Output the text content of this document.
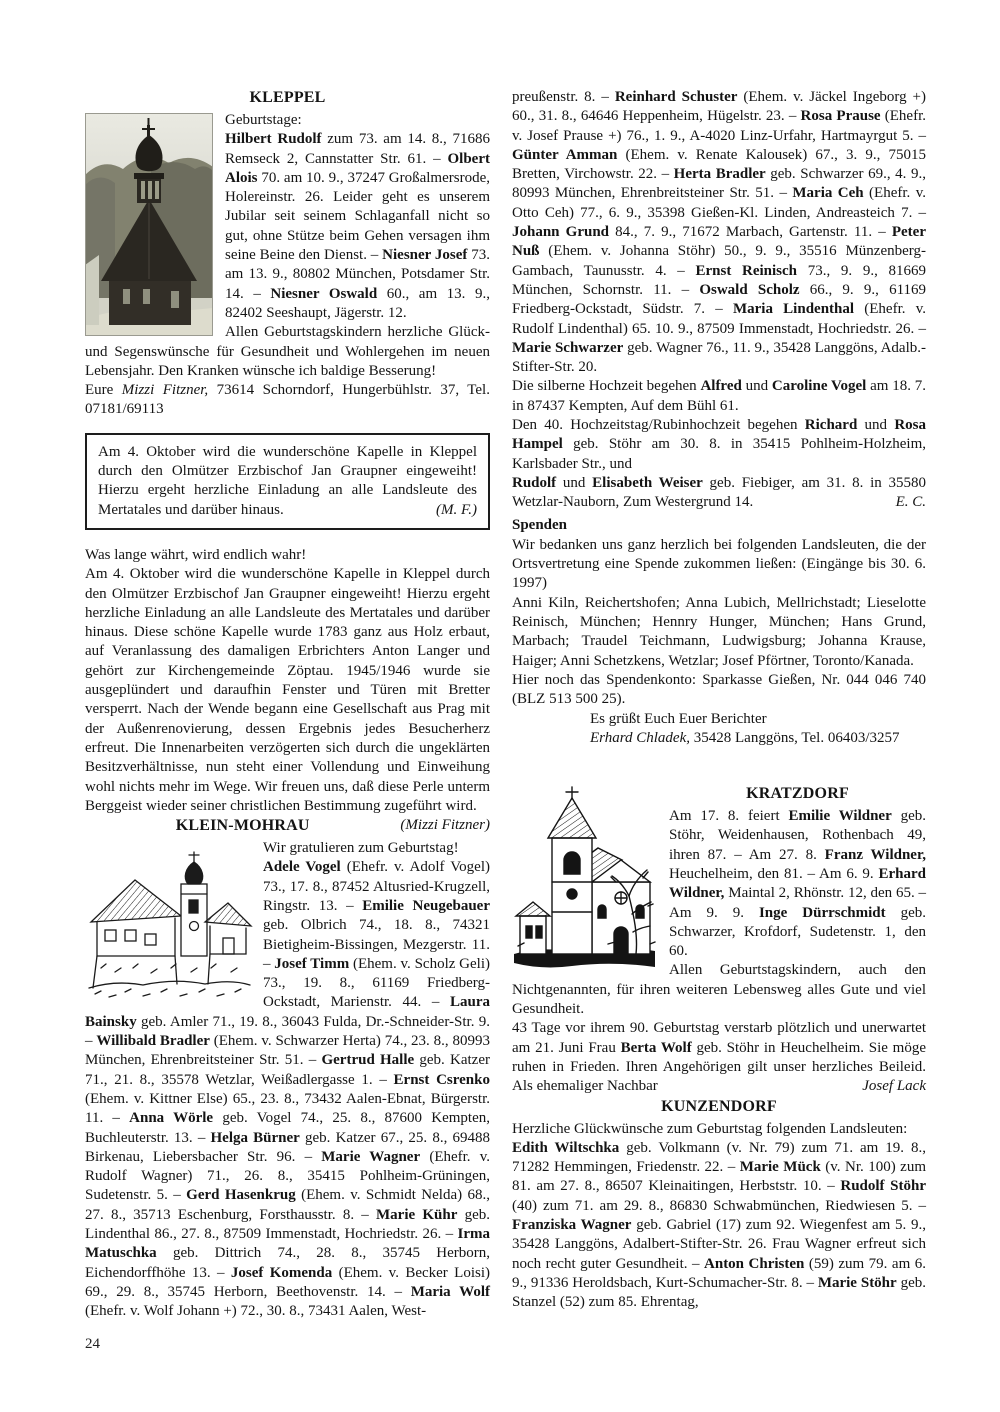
KLEPPEL

Geburtstage:

Hilbert Rudolf zum 73. am 14. 8., 71686 Remseck 2, Cannstatter Str. 61. – Olbert Alois 70. am 10. 9., 37247 Großalmersrode, Holereinstr. 26. Leider geht es unserem Jubilar seit seinem Schlaganfall nicht so gut, ohne Stütze beim Gehen versagen ihm seine Beine den Dienst. – Niesner Josef 73. am 13. 9., 80802 München, Potsdamer Str. 14. – Niesner Oswald 60., am 13. 9., 82402 Seeshaupt, Jägerstr. 12.

Allen Geburtstagskindern herzliche Glück- und Segenswünsche für Gesundheit und Wohlergehen im neuen Lebensjahr. Den Kranken wünsche ich baldige Besserung!

Eure Mizzi Fitzner, 73614 Schorndorf, Hungerbühlstr. 37, Tel. 07181/69113

Am 4. Oktober wird die wunderschöne Kapelle in Kleppel durch den Olmützer Erzbischof Jan Graupner eingeweiht! Hierzu ergeht herzliche Einladung an alle Landsleute des Mertatales und darüber hinaus.	(M. F.)

Was lange währt, wird endlich wahr!

Am 4. Oktober wird die wunderschöne Kapelle in Kleppel durch den Olmützer Erzbischof Jan Graupner eingeweiht! Hierzu ergeht herzliche Einladung an alle Landsleute des Mertatales und darüber hinaus. Diese schöne Kapelle wurde 1783 ganz aus Holz erbaut, auf Veranlassung des damaligen Erbrichters Anton Langer und gehört zur Kirchengemeinde Zöptau. 1945/1946 wurde sie ausgeplündert und daraufhin Fenster und Türen mit Bretter versperrt. Nach der Wende begann eine Gesellschaft aus Prag mit der Außenrenovierung, dessen Ergebnis jedes Besucherherz erfreut. Die Innenarbeiten verzögerten sich durch die ungeklärten Besitzverhältnisse, nun steht einer Vollendung und Einweihung wohl nichts mehr im Wege. Wir freuen uns, daß diese Perle unterm Berggeist wieder seiner christlichen Bestimmung zugeführt wird.
(Mizzi Fitzner)

KLEIN-MOHRAU

Wir gratulieren zum Geburtstag!

Adele Vogel (Ehefr. v. Adolf Vogel) 73., 17. 8., 87452 Altusried-Krugzell, Ringstr. 13. – Emilie Neugebauer geb. Olbrich 74., 18. 8., 74321 Bietigheim-Bissingen, Mezgerstr. 11. – Josef Timm (Ehem. v. Scholz Geli) 73., 19. 8., 61169 Friedberg-Ockstadt, Marienstr. 44. – Laura Bainsky geb. Amler 71., 19. 8., 36043 Fulda, Dr.-Schneider-Str. 9. – Willibald Bradler (Ehem. v. Schwarzer Herta) 74., 23. 8., 80993 München, Ehrenbreitsteiner Str. 51. – Gertrud Halle geb. Katzer 71., 21. 8., 35578 Wetzlar, Weißadlergasse 1. – Ernst Csrenko (Ehem. v. Kittner Else) 65., 23. 8., 73432 Aalen-Ebnat, Bürgerstr. 11. – Anna Wörle geb. Vogel 74., 25. 8., 87600 Kempten, Buchleuterstr. 13. – Helga Bürner geb. Katzer 67., 25. 8., 69488 Birkenau, Liebersbacher Str. 96. – Marie Wagner (Ehefr. v. Rudolf Wagner) 71., 26. 8., 35415 Pohlheim-Grüningen, Sudetenstr. 5. – Gerd Hasenkrug (Ehem. v. Schmidt Nelda) 68., 27. 8., 35713 Eschenburg, Forsthausstr. 8. – Marie Kühr geb. Lindenthal 86., 27. 8., 87509 Immenstadt, Hochriedstr. 26. – Irma Matuschka geb. Dittrich 74., 28. 8., 35745 Herborn, Eichendorffhöhe 13. – Josef Komenda (Ehem. v. Becker Loisi) 69., 29. 8., 35745 Herborn, Beethovenstr. 14. – Maria Wolf (Ehefr. v. Wolf Johann +) 72., 30. 8., 73431 Aalen, West-

preußenstr. 8. – Reinhard Schuster (Ehem. v. Jäckel Ingeborg +) 60., 31. 8., 64646 Heppenheim, Hügelstr. 23. – Rosa Prause (Ehefr. v. Josef Prause +) 76., 1. 9., A-4020 Linz-Urfahr, Hartmayrgut 5. – Günter Amman (Ehem. v. Renate Kalousek) 67., 3. 9., 75015 Bretten, Virchowstr. 22. – Herta Bradler geb. Schwarzer 69., 4. 9., 80993 München, Ehrenbreitsteiner Str. 51. – Maria Ceh (Ehefr. v. Otto Ceh) 77., 6. 9., 35398 Gießen-Kl. Linden, Andreasteich 7. – Johann Grund 84., 7. 9., 71672 Marbach, Gartenstr. 11. – Peter Nuß (Ehem. v. Johanna Stöhr) 50., 9. 9., 35516 Münzenberg-Gambach, Taunusstr. 4. – Ernst Reinisch 73., 9. 9., 81669 München, Schornstr. 11. – Oswald Scholz 66., 9. 9., 61169 Friedberg-Ockstadt, Südstr. 7. – Maria Lindenthal (Ehefr. v. Rudolf Lindenthal) 65. 10. 9., 87509 Immenstadt, Hochriedstr. 26. – Marie Schwarzer geb. Wagner 76., 11. 9., 35428 Langgöns, Adalb.-Stifter-Str. 20.

Die silberne Hochzeit begehen Alfred und Caroline Vogel am 18. 7. in 87437 Kempten, Auf dem Bühl 61.

Den 40. Hochzeitstag/Rubinhochzeit begehen Richard und Rosa Hampel geb. Stöhr am 30. 8. in 35415 Pohlheim-Holzheim, Karlsbader Str., und

Rudolf und Elisabeth Weiser geb. Fiebiger, am 31. 8. in 35580 Wetzlar-Nauborn, Zum Westergrund 14.	E. C.

Spenden

Wir bedanken uns ganz herzlich bei folgenden Landsleuten, die der Ortsvertretung eine Spende zukommen ließen: (Eingänge bis 30. 6. 1997)

Anni Kiln, Reichertshofen; Anna Lubich, Mellrichstadt; Lieselotte Reinisch, München; Hennry Hunger, München; Hans Grund, Marbach; Traudel Teichmann, Ludwigsburg; Johanna Krause, Haiger; Anni Schetzkens, Wetzlar; Josef Pförtner, Toronto/Kanada.

Hier noch das Spendenkonto: Sparkasse Gießen, Nr. 044 046 740 (BLZ 513 500 25).

Es grüßt Euch Euer Berichter

Erhard Chladek, 35428 Langgöns, Tel. 06403/3257

KRATZDORF

Am 17. 8. feiert Emilie Wildner geb. Stöhr, Weidenhausen, Rothenbach 49, ihren 87. – Am 27. 8. Franz Wildner, Heuchelheim, den 81. – Am 6. 9. Erhard Wildner, Maintal 2, Rhönstr. 12, den 65. – Am 9. 9. Inge Dürrschmidt geb. Schwarzer, Krofdorf, Sudetenstr. 1, den 60.

Allen Geburtstagskindern, auch den Nichtgenannten, für ihren weiteren Lebensweg alles Gute und viel Gesundheit.

43 Tage vor ihrem 90. Geburtstag verstarb plötzlich und unerwartet am 21. Juni Frau Berta Wolf geb. Stöhr in Heuchelheim. Sie möge ruhen in Frieden. Ihren Angehörigen gilt unser herzliches Beileid. Als ehemaliger Nachbar	Josef Lack

KUNZENDORF

Herzliche Glückwünsche zum Geburtstag folgenden Landsleuten:

Edith Wiltschka geb. Volkmann (v. Nr. 79) zum 71. am 19. 8., 71282 Hemmingen, Friedenstr. 22. – Marie Mück (v. Nr. 100) zum 81. am 27. 8., 86507 Kleinaitingen, Herbststr. 10. – Rudolf Stöhr (40) zum 71. am 29. 8., 86830 Schwabmünchen, Riedwiesen 5. – Franziska Wagner geb. Gabriel (17) zum 92. Wiegenfest am 5. 9., 35428 Langgöns, Adalbert-Stifter-Str. 26. Frau Wagner erfreut sich noch recht guter Gesundheit. – Anton Christen (59) zum 79. am 6. 9., 91336 Heroldsbach, Kurt-Schumacher-Str. 8. – Marie Stöhr geb. Stanzel (52) zum 85. Ehrentag,

24
